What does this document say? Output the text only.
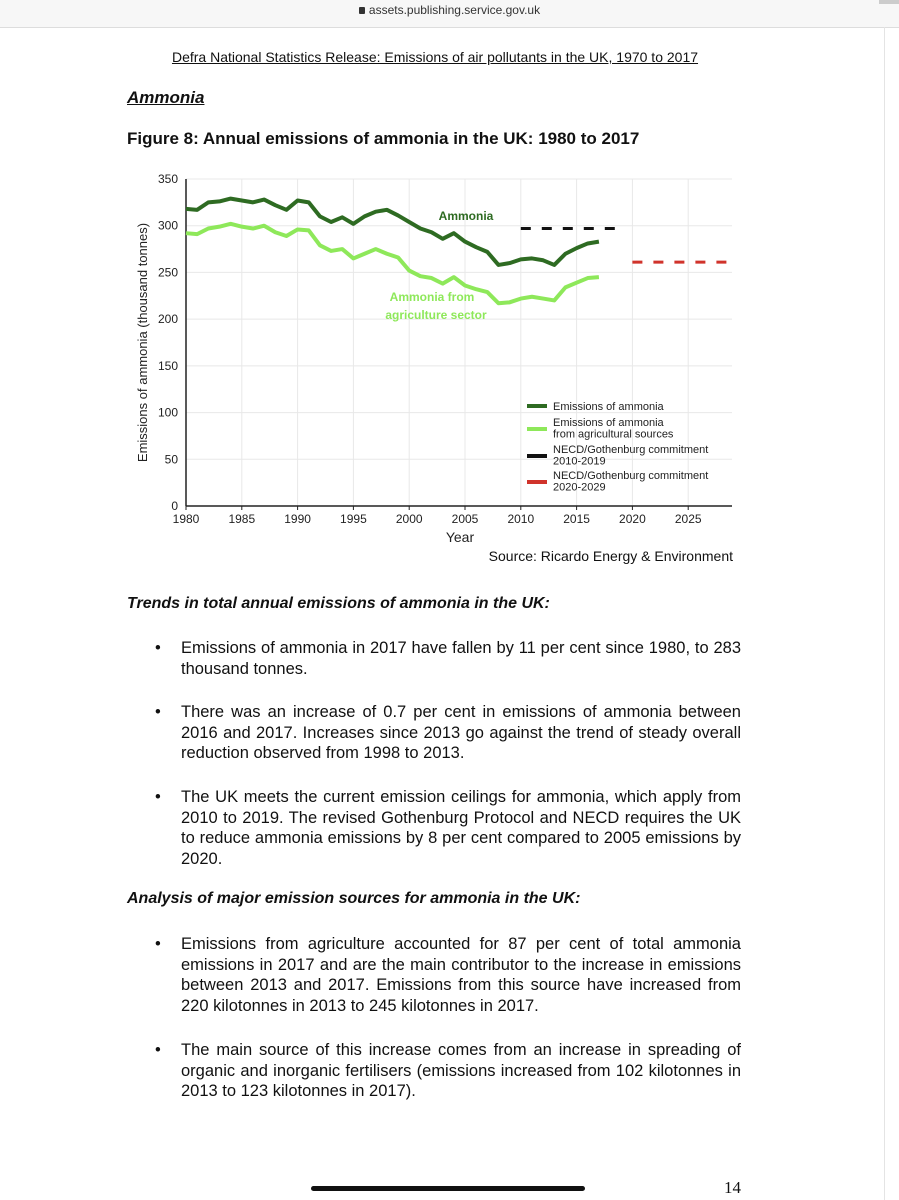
assets.publishing.service.gov.uk
Defra National Statistics Release: Emissions of air pollutants in the UK, 1970 to 2017
Ammonia
Figure 8: Annual emissions of ammonia in the UK: 1980 to 2017
0
50
100
150
200
250
300
350
1980 1985 1990 1995 2000 2005 2010 2015 2020 2025
Year
Emissions of ammonia (thousand tonnes)
Ammonia
Ammonia from
agriculture sector
Emissions of ammonia
Emissions of ammonia
from agricultural sources
NECD/Gothenburg commitment
2010-2019
NECD/Gothenburg commitment
2020-2029
Source: Ricardo Energy & Environment
Trends in total annual emissions of ammonia in the UK:
• Emissions of ammonia in 2017 have fallen by 11 per cent since 1980, to 283 thousand tonnes.
• There was an increase of 0.7 per cent in emissions of ammonia between 2016 and 2017. Increases since 2013 go against the trend of steady overall reduction observed from 1998 to 2013.
• The UK meets the current emission ceilings for ammonia, which apply from 2010 to 2019. The revised Gothenburg Protocol and NECD requires the UK to reduce ammonia emissions by 8 per cent compared to 2005 emissions by 2020.
Analysis of major emission sources for ammonia in the UK:
• Emissions from agriculture accounted for 87 per cent of total ammonia emissions in 2017 and are the main contributor to the increase in emissions between 2013 and 2017. Emissions from this source have increased from 220 kilotonnes in 2013 to 245 kilotonnes in 2017.
• The main source of this increase comes from an increase in spreading of organic and inorganic fertilisers (emissions increased from 102 kilotonnes in 2013 to 123 kilotonnes in 2017).
14
